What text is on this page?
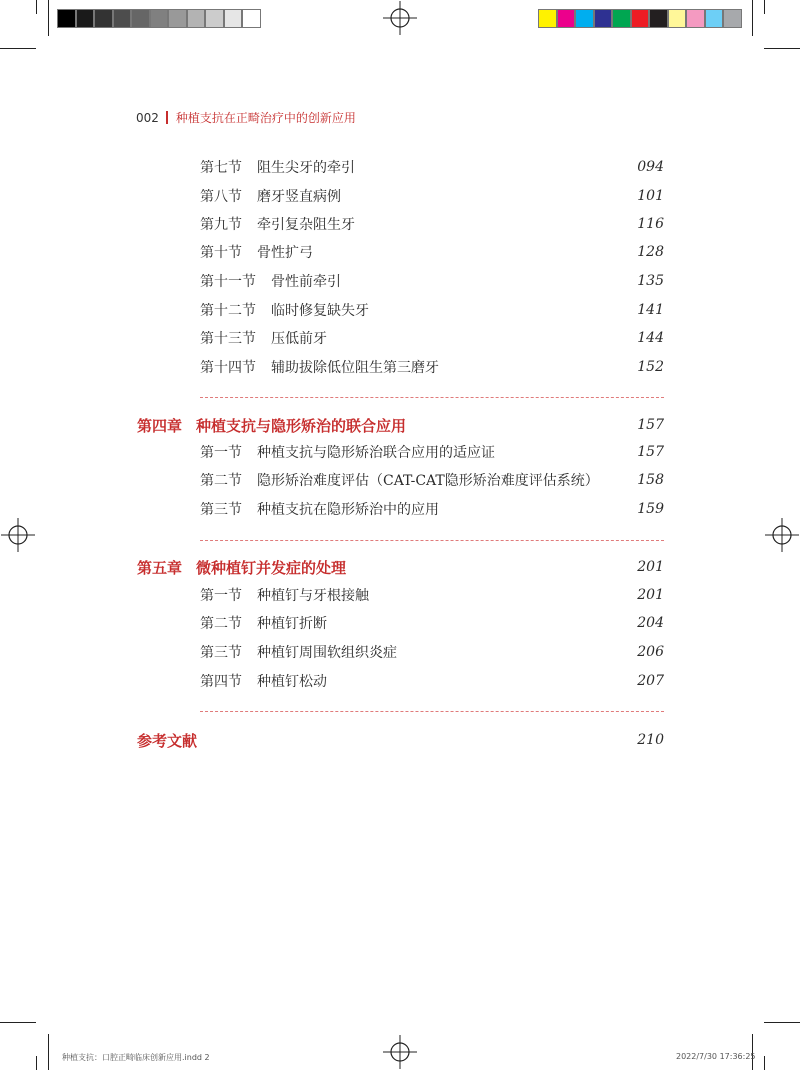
002 种植支抗在正畸治疗中的创新应用
第七节 阻生尖牙的牵引	094
第八节 磨牙竖直病例	101
第九节 牵引复杂阻生牙	116
第十节 骨性扩弓	128
第十一节 骨性前牵引	135
第十二节 临时修复缺失牙	141
第十三节 压低前牙	144
第十四节 辅助拔除低位阻生第三磨牙	152
第四章 种植支抗与隐形矫治的联合应用	157
第一节 种植支抗与隐形矫治联合应用的适应证	157
第二节 隐形矫治难度评估（CAT-CAT隐形矫治难度评估系统）	158
第三节 种植支抗在隐形矫治中的应用	159
第五章 微种植钉并发症的处理	201
第一节 种植钉与牙根接触	201
第二节 种植钉折断	204
第三节 种植钉周围软组织炎症	206
第四节 种植钉松动	207
参考文献	210
种植支抗：口腔正畸临床创新应用.indd 2	2022/7/30 17:36:25
